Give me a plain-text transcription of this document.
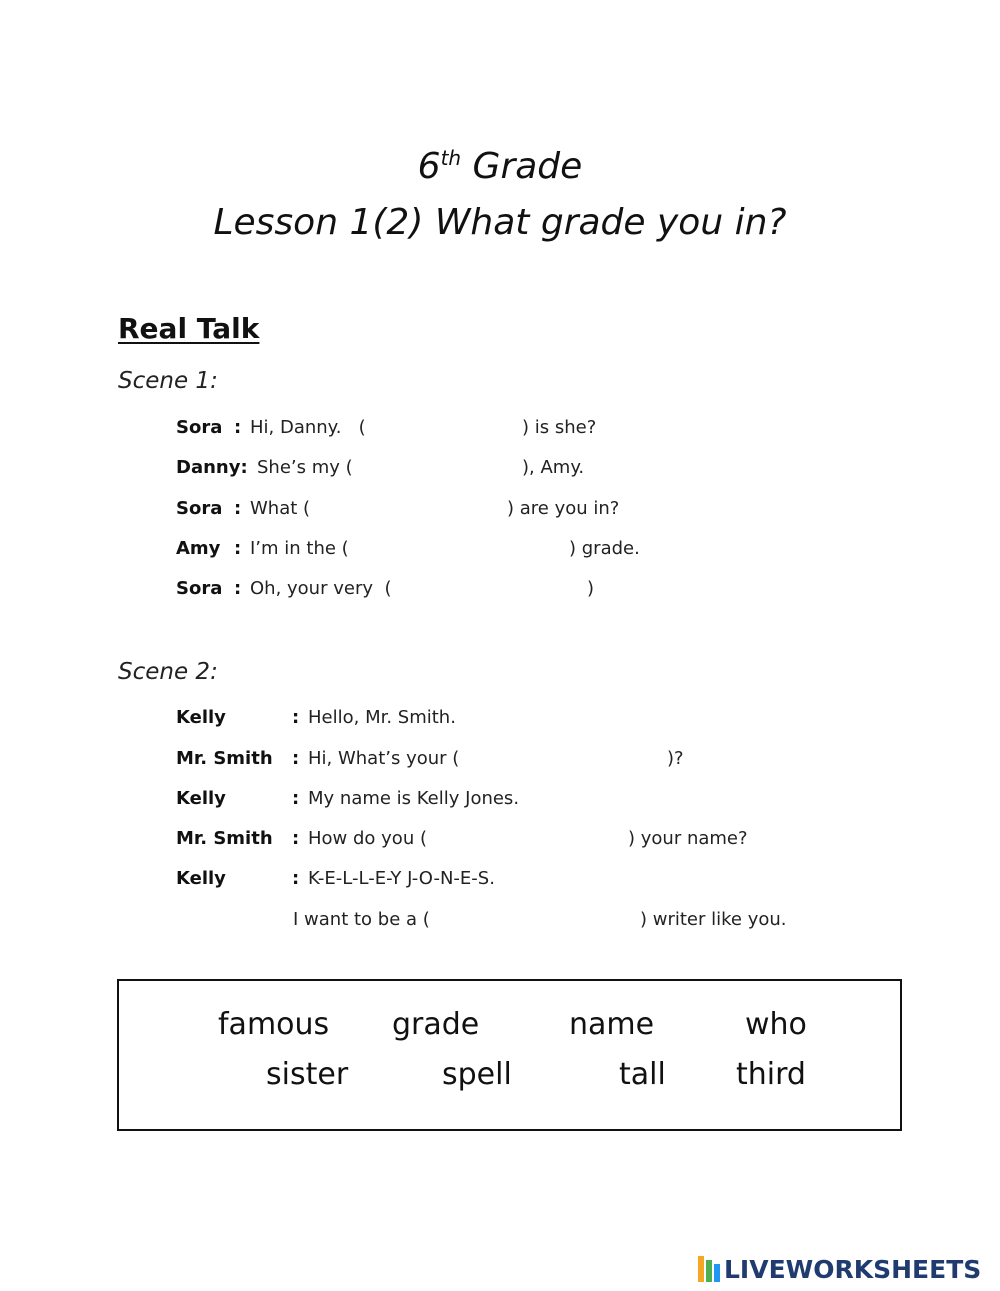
6th Grade
Lesson 1(2) What grade you in?
Real Talk
Scene 1:

Sora

:

Hi, Danny.   (

	) is she?

Danny:

She’s my (

	), Amy.

Sora

:

What (

	) are you in?

Amy

:

I’m in the (

	) grade.

Sora

:

Oh, your very  (

	)

Scene 2:

Kelly

	:

Hello, Mr. Smith.

Mr. Smith

:

Hi, What’s your (

	)?

Kelly

	:

My name is Kelly Jones.

Mr. Smith

:

How do you (

	) your name?

Kelly

	:

K-E-L-L-E-Y J-O-N-E-S.

I want to be a (

	) writer like you.

famous grade	name	who
sister	spell	tall third
LIVEWORKSHEETS
